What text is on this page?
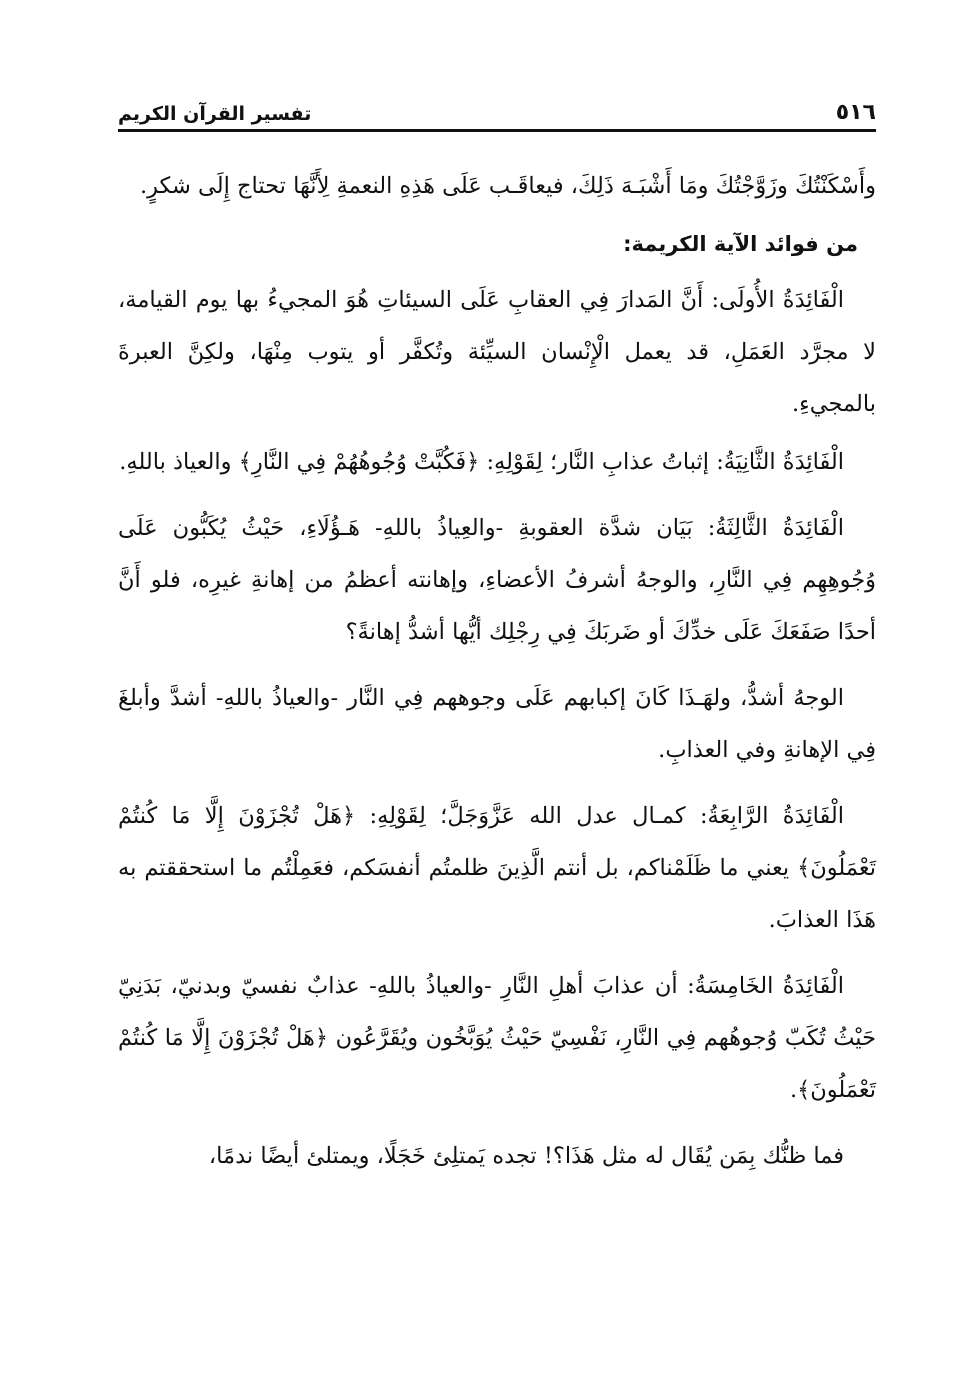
٥١٦
تفسير القرآن الكريم

وأَسْكَنْتُكَ وزَوَّجْتُكَ ومَا أَشْبَـهَ ذَلِكَ، فيعاقَـب عَلَى هَذِهِ النعمةِ لِأَنَّهَا تحتاج إِلَى شكرٍ.

من فوائد الآية الكريمة:

الْفَائِدَةُ الأُولَى: أَنَّ المَدارَ فِي العقابِ عَلَى السيئاتِ هُوَ المجيءُ بها يوم القيامة، لا مجرَّد العَمَلِ، قد يعمل الْإِنْسان السيِّئة وتُكفَّر أو يتوب مِنْهَا، ولكِنَّ العبرةَ بالمجيءِ.

الْفَائِدَةُ الثَّانِيَةُ: إثباتُ عذابِ النَّار؛ لِقَوْلِهِ: ﴿فَكُبَّتْ وُجُوهُهُمْ فِي النَّارِ﴾ والعياذ باللهِ.

الْفَائِدَةُ الثَّالِثَةُ: بَيَان شدَّة العقوبةِ -والعِياذُ باللهِ- هَـؤُلَاءِ، حَيْثُ يُكَبُّون عَلَى وُجُوهِهِم فِي النَّارِ، والوجهُ أشرفُ الأعضاءِ، وإهانته أعظمُ من إهانةِ غيرِه، فلو أَنَّ أحدًا صَفَعَكَ عَلَى خدِّكَ أو ضَربَكَ فِي رِجْلِك أيُّها أشدُّ إهانةً؟

الوجهُ أشدُّ، ولهَـذَا كَانَ إكبابهم عَلَى وجوههم فِي النَّار -والعياذُ باللهِ- أشدَّ وأبلغَ فِي الإهانةِ وفي العذابِ.

الْفَائِدَةُ الرَّابِعَةُ: كمـال عدل الله عَزَّوَجَلَّ؛ لِقَوْلِهِ: ﴿هَلْ تُجْزَوْنَ إِلَّا مَا كُنتُمْ تَعْمَلُونَ﴾ يعني ما ظَلَمْناكم، بل أنتم الَّذِينَ ظلمتُم أنفسَكم، فعَمِلْتُم ما استحققتم به هَذَا العذابَ.

الْفَائِدَةُ الخَامِسَةُ: أن عذابَ أهلِ النَّارِ -والعياذُ باللهِ- عذابٌ نفسيّ وبدنيّ، بَدَنِيّ حَيْثُ تُكَبّ وُجوهُهم فِي النَّارِ، نَفْسِيّ حَيْثُ يُوَبَّخُون ويُقَرَّعُون ﴿هَلْ تُجْزَوْنَ إِلَّا مَا كُنتُمْ تَعْمَلُونَ﴾.

فما ظنُّك بِمَن يُقَال له مثل هَذَا؟! تجده يَمتلِئ خَجَلًا، ويمتلئ أيضًا ندمًا،
